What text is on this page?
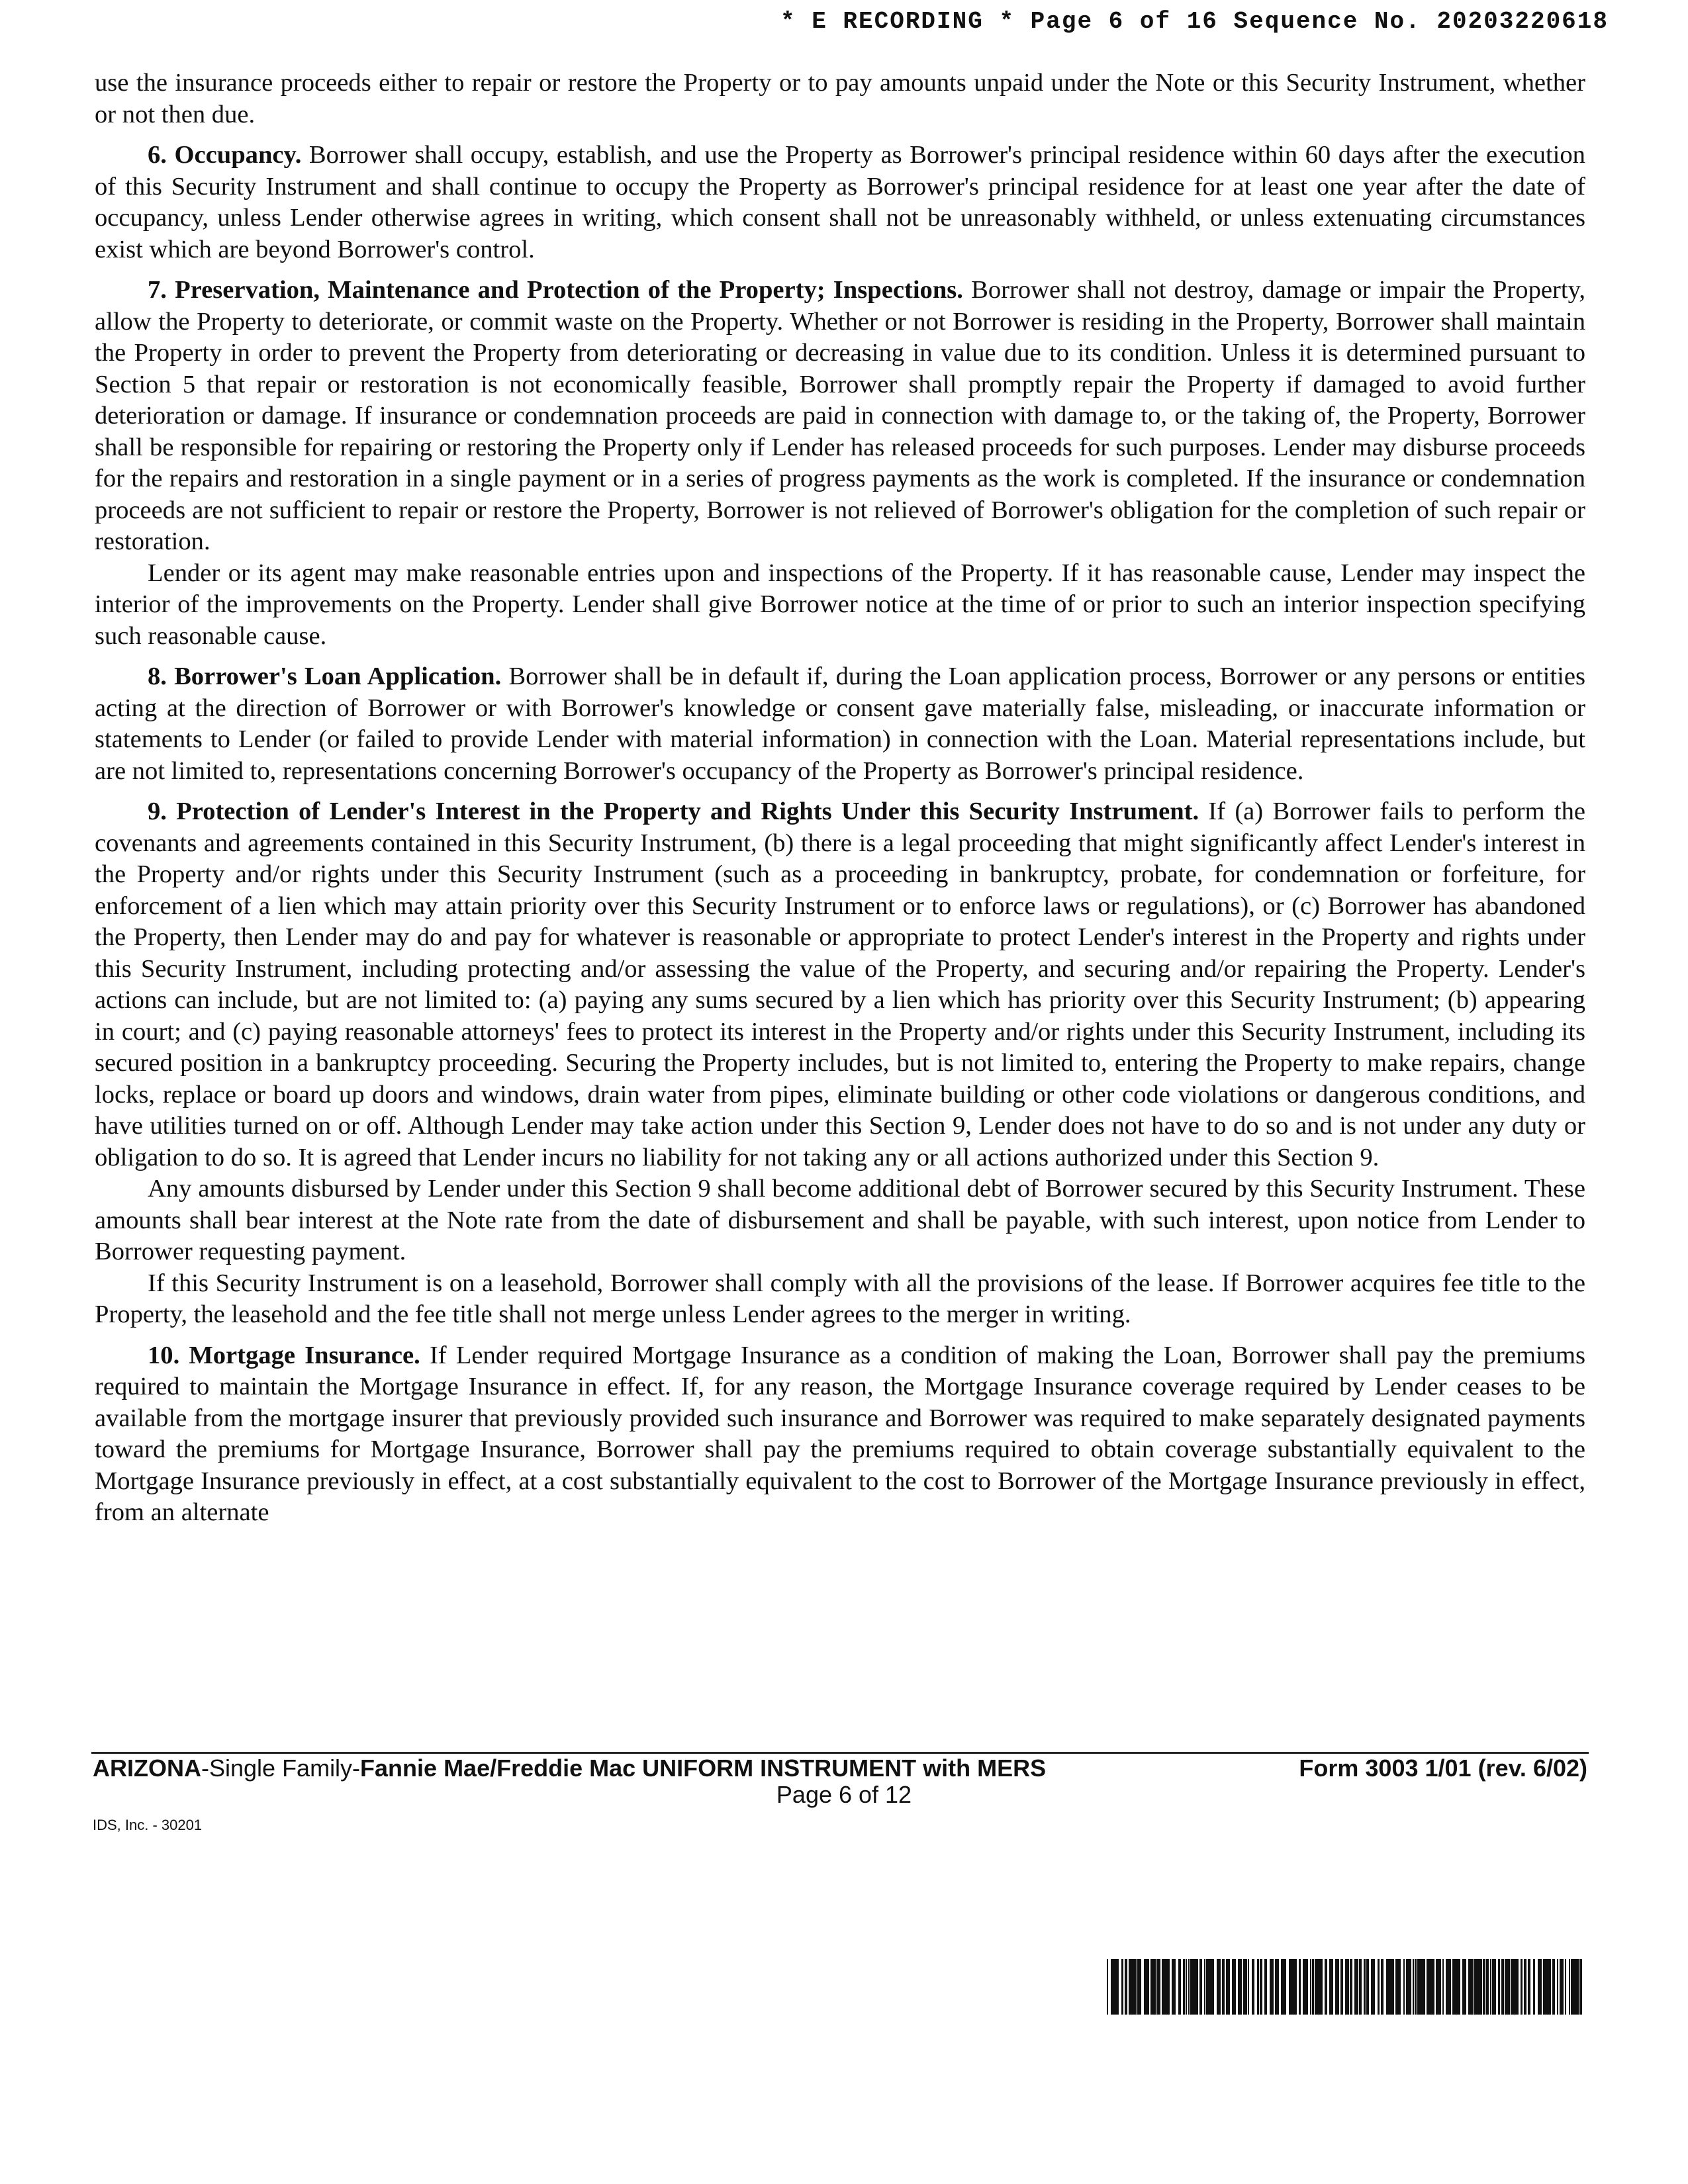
* E RECORDING * Page 6 of 16 Sequence No. 20203220618

use the insurance proceeds either to repair or restore the Property or to pay amounts unpaid under the Note or this Security Instrument, whether or not then due.

6. Occupancy. Borrower shall occupy, establish, and use the Property as Borrower's principal residence within 60 days after the execution of this Security Instrument and shall continue to occupy the Property as Borrower's principal residence for at least one year after the date of occupancy, unless Lender otherwise agrees in writing, which consent shall not be unreasonably withheld, or unless extenuating circumstances exist which are beyond Borrower's control.

7. Preservation, Maintenance and Protection of the Property; Inspections. Borrower shall not destroy, damage or impair the Property, allow the Property to deteriorate, or commit waste on the Property. Whether or not Borrower is residing in the Property, Borrower shall maintain the Property in order to prevent the Property from deteriorating or decreasing in value due to its condition. Unless it is determined pursuant to Section 5 that repair or restoration is not economically feasible, Borrower shall promptly repair the Property if damaged to avoid further deterioration or damage. If insurance or condemnation proceeds are paid in connection with damage to, or the taking of, the Property, Borrower shall be responsible for repairing or restoring the Property only if Lender has released proceeds for such purposes. Lender may disburse proceeds for the repairs and restoration in a single payment or in a series of progress payments as the work is completed. If the insurance or condemnation proceeds are not sufficient to repair or restore the Property, Borrower is not relieved of Borrower's obligation for the completion of such repair or restoration.

Lender or its agent may make reasonable entries upon and inspections of the Property. If it has reasonable cause, Lender may inspect the interior of the improvements on the Property. Lender shall give Borrower notice at the time of or prior to such an interior inspection specifying such reasonable cause.

8. Borrower's Loan Application. Borrower shall be in default if, during the Loan application process, Borrower or any persons or entities acting at the direction of Borrower or with Borrower's knowledge or consent gave materially false, misleading, or inaccurate information or statements to Lender (or failed to provide Lender with material information) in connection with the Loan. Material representations include, but are not limited to, representations concerning Borrower's occupancy of the Property as Borrower's principal residence.

9. Protection of Lender's Interest in the Property and Rights Under this Security Instrument. If (a) Borrower fails to perform the covenants and agreements contained in this Security Instrument, (b) there is a legal proceeding that might significantly affect Lender's interest in the Property and/or rights under this Security Instrument (such as a proceeding in bankruptcy, probate, for condemnation or forfeiture, for enforcement of a lien which may attain priority over this Security Instrument or to enforce laws or regulations), or (c) Borrower has abandoned the Property, then Lender may do and pay for whatever is reasonable or appropriate to protect Lender's interest in the Property and rights under this Security Instrument, including protecting and/or assessing the value of the Property, and securing and/or repairing the Property. Lender's actions can include, but are not limited to: (a) paying any sums secured by a lien which has priority over this Security Instrument; (b) appearing in court; and (c) paying reasonable attorneys' fees to protect its interest in the Property and/or rights under this Security Instrument, including its secured position in a bankruptcy proceeding. Securing the Property includes, but is not limited to, entering the Property to make repairs, change locks, replace or board up doors and windows, drain water from pipes, eliminate building or other code violations or dangerous conditions, and have utilities turned on or off. Although Lender may take action under this Section 9, Lender does not have to do so and is not under any duty or obligation to do so. It is agreed that Lender incurs no liability for not taking any or all actions authorized under this Section 9.

Any amounts disbursed by Lender under this Section 9 shall become additional debt of Borrower secured by this Security Instrument. These amounts shall bear interest at the Note rate from the date of disbursement and shall be payable, with such interest, upon notice from Lender to Borrower requesting payment.

If this Security Instrument is on a leasehold, Borrower shall comply with all the provisions of the lease. If Borrower acquires fee title to the Property, the leasehold and the fee title shall not merge unless Lender agrees to the merger in writing.

10. Mortgage Insurance. If Lender required Mortgage Insurance as a condition of making the Loan, Borrower shall pay the premiums required to maintain the Mortgage Insurance in effect. If, for any reason, the Mortgage Insurance coverage required by Lender ceases to be available from the mortgage insurer that previously provided such insurance and Borrower was required to make separately designated payments toward the premiums for Mortgage Insurance, Borrower shall pay the premiums required to obtain coverage substantially equivalent to the Mortgage Insurance previously in effect, at a cost substantially equivalent to the cost to Borrower of the Mortgage Insurance previously in effect, from an alternate

ARIZONA-Single Family-Fannie Mae/Freddie Mac UNIFORM INSTRUMENT with MERS	Form 3003 1/01 (rev. 6/02)
Page 6 of 12
IDS, Inc. - 30201
